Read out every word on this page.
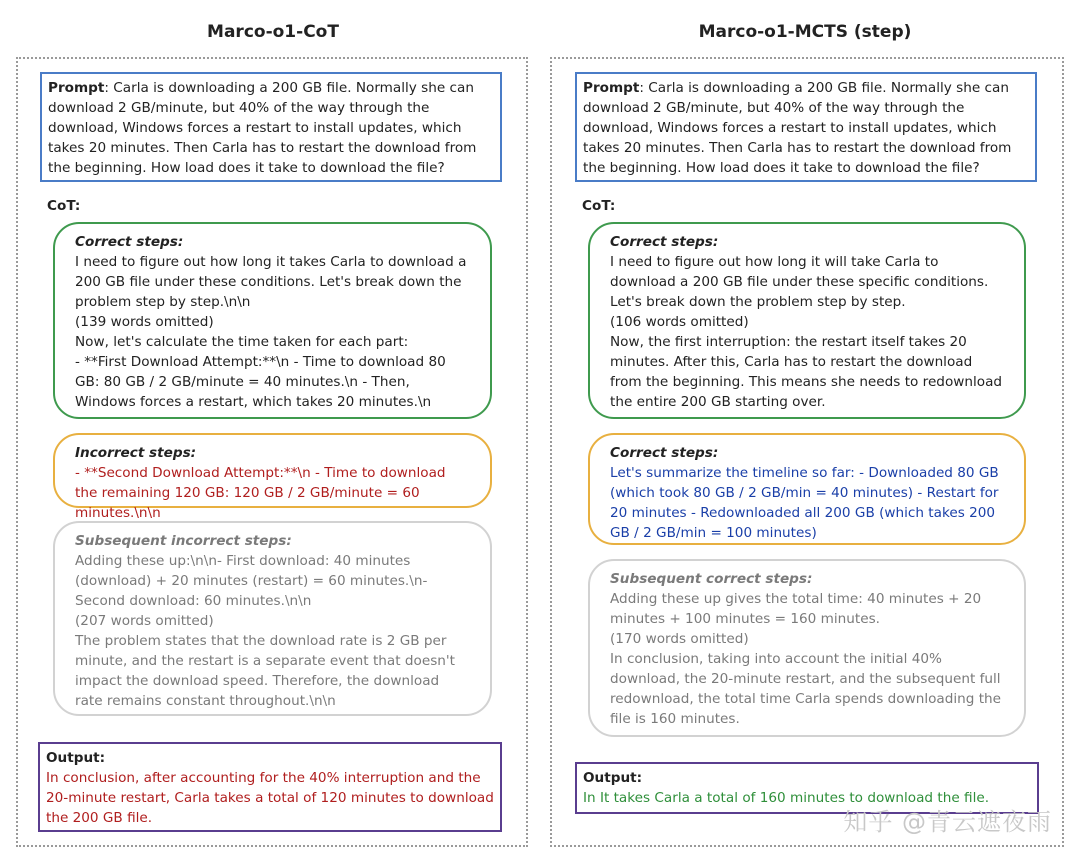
Marco-o1-CoT
Prompt: Carla is downloading a 200 GB file. Normally she can download 2 GB/minute, but 40% of the way through the download, Windows forces a restart to install updates, which takes 20 minutes. Then Carla has to restart the download from the beginning. How load does it take to download the file?
CoT:
Correct steps:
I need to figure out how long it takes Carla to download a 200 GB file under these conditions. Let's break down the problem step by step.\n\n
(139 words omitted)
Now, let's calculate the time taken for each part:
- **First Download Attempt:**\n - Time to download 80 GB: 80 GB / 2 GB/minute = 40 minutes.\n - Then, Windows forces a restart, which takes 20 minutes.\n
Incorrect steps:
- **Second Download Attempt:**\n - Time to download the remaining 120 GB: 120 GB / 2 GB/minute = 60 minutes.\n\n
Subsequent incorrect steps:
Adding these up:\n\n- First download: 40 minutes (download) + 20 minutes (restart) = 60 minutes.\n- Second download: 60 minutes.\n\n
(207 words omitted)
The problem states that the download rate is 2 GB per minute, and the restart is a separate event that doesn't impact the download speed. Therefore, the download rate remains constant throughout.\n\n
Output:
In conclusion, after accounting for the 40% interruption and the 20-minute restart, Carla takes a total of 120 minutes to download the 200 GB file.
Marco-o1-MCTS (step)
Prompt: Carla is downloading a 200 GB file. Normally she can download 2 GB/minute, but 40% of the way through the download, Windows forces a restart to install updates, which takes 20 minutes. Then Carla has to restart the download from the beginning. How load does it take to download the file?
CoT:
Correct steps:
I need to figure out how long it will take Carla to download a 200 GB file under these specific conditions. Let's break down the problem step by step.
(106 words omitted)
Now, the first interruption: the restart itself takes 20 minutes. After this, Carla has to restart the download from the beginning. This means she needs to redownload the entire 200 GB starting over.
Correct steps:
Let's summarize the timeline so far: - Downloaded 80 GB (which took 80 GB / 2 GB/min = 40 minutes) - Restart for 20 minutes - Redownloaded all 200 GB (which takes 200 GB / 2 GB/min = 100 minutes)
Subsequent correct steps:
Adding these up gives the total time: 40 minutes + 20 minutes + 100 minutes = 160 minutes.
(170 words omitted)
In conclusion, taking into account the initial 40% download, the 20-minute restart, and the subsequent full redownload, the total time Carla spends downloading the file is 160 minutes.
Output:
In It takes Carla a total of 160 minutes to download the file.
知乎 @青云遮夜雨
